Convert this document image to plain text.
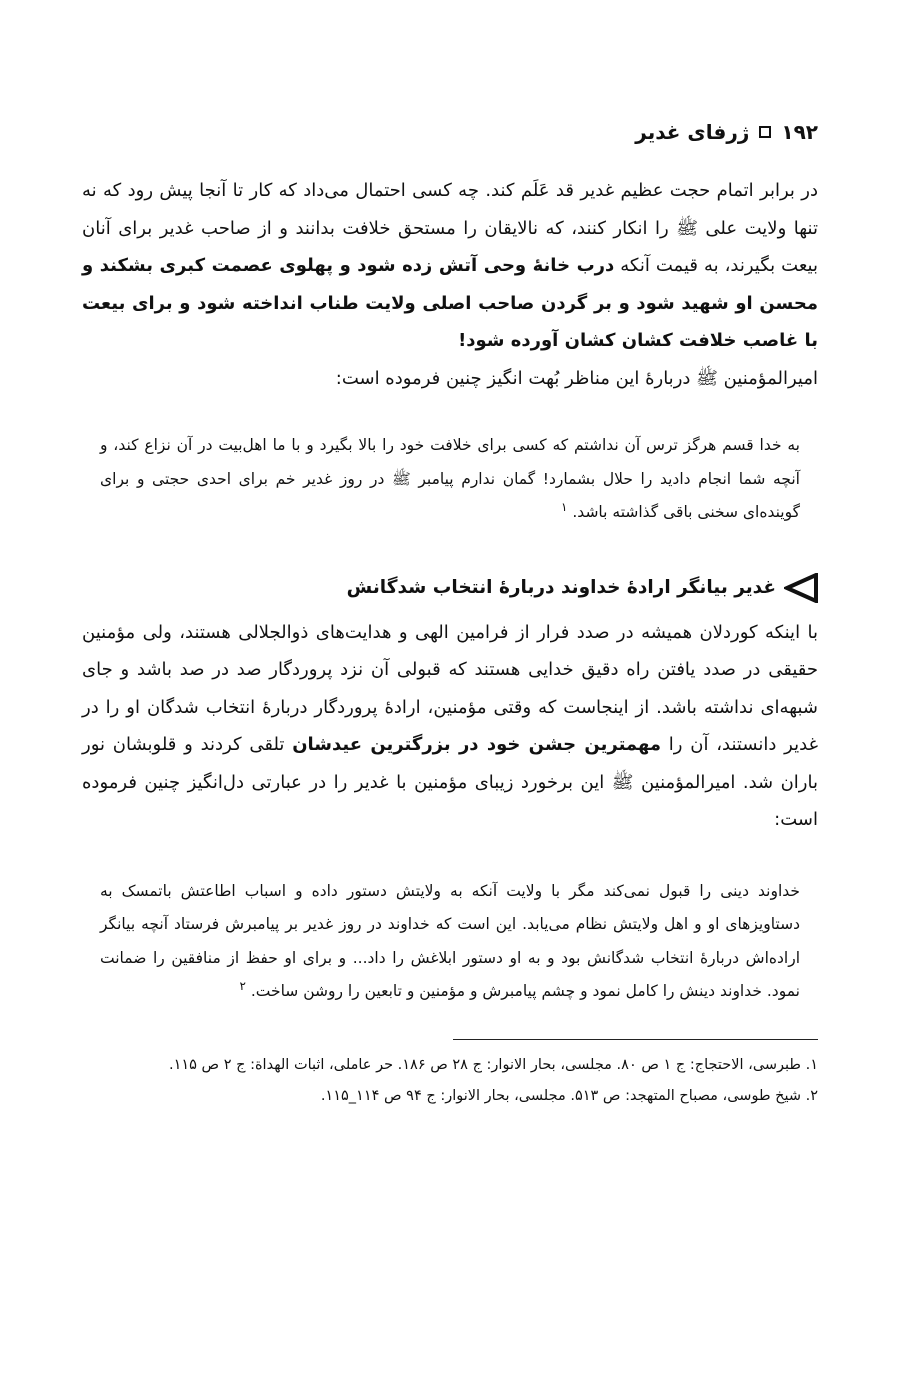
۱۹۲
ژرفای غدیر

در برابر اتمام حجت عظیم غدیر قد عَلَم کند. چه کسی احتمال می‌داد که کار تا آنجا پیش رود که نه تنها ولایت علی ﷺ را انکار کنند، که نالایقان را مستحق خلافت بدانند و از صاحب غدیر برای آنان بیعت بگیرند، به قیمت آنکه درب خانهٔ وحی آتش زده شود و پهلوی عصمت کبری بشکند و محسن او شهید شود و بر گردن صاحب اصلی ولایت طناب انداخته شود و برای بیعت با غاصب خلافت کشان کشان آورده شود!

امیرالمؤمنین ﷺ دربارهٔ این مناظر بُهت انگیز چنین فرموده است:

به خدا قسم هرگز ترس آن نداشتم که کسی برای خلافت خود را بالا بگیرد و با ما اهل‌بیت در آن نزاع کند، و آنچه شما انجام دادید را حلال بشمارد! گمان ندارم پیامبر ﷺ در روز غدیر خم برای احدی حجتی و برای گوینده‌ای سخنی باقی گذاشته باشد. $^۱$

غدیر بیانگر ارادهٔ خداوند دربارهٔ انتخاب شدگانش

با اینکه کوردلان همیشه در صدد فرار از فرامین الهی و هدایت‌های ذوالجلالی هستند، ولی مؤمنین حقیقی در صدد یافتن راه دقیق خدایی هستند که قبولی آن نزد پروردگار صد در صد باشد و جای شبهه‌ای نداشته باشد. از اینجاست که وقتی مؤمنین، ارادهٔ پروردگار دربارهٔ انتخاب شدگان او را در غدیر دانستند، آن را مهمترین جشن خود در بزرگترین عیدشان تلقی کردند و قلوبشان نور باران شد. امیرالمؤمنین ﷺ این برخورد زیبای مؤمنین با غدیر را در عبارتی دل‌انگیز چنین فرموده است:

خداوند دینی را قبول نمی‌کند مگر با ولایت آنکه به ولایتش دستور داده و اسباب اطاعتش باتمسک به دستاویزهای او و اهل ولایتش نظام می‌یابد. این است که خداوند در روز غدیر بر پیامبرش فرستاد آنچه بیانگر اراده‌اش دربارهٔ انتخاب شدگانش بود و به او دستور ابلاغش را داد... و برای او حفظ از منافقین را ضمانت نمود. خداوند دینش را کامل نمود و چشم پیامبرش و مؤمنین و تابعین را روشن ساخت. $^۲$

۱. طبرسی، الاحتجاج: ج ۱ ص ۸۰. مجلسی، بحار الانوار: ج ۲۸ ص ۱۸۶. حر عاملی، اثبات الهداة: ج ۲ ص ۱۱۵.

۲. شیخ طوسی، مصباح المتهجد: ص ۵۱۳. مجلسی، بحار الانوار: ج ۹۴ ص ۱۱۴_۱۱۵.
